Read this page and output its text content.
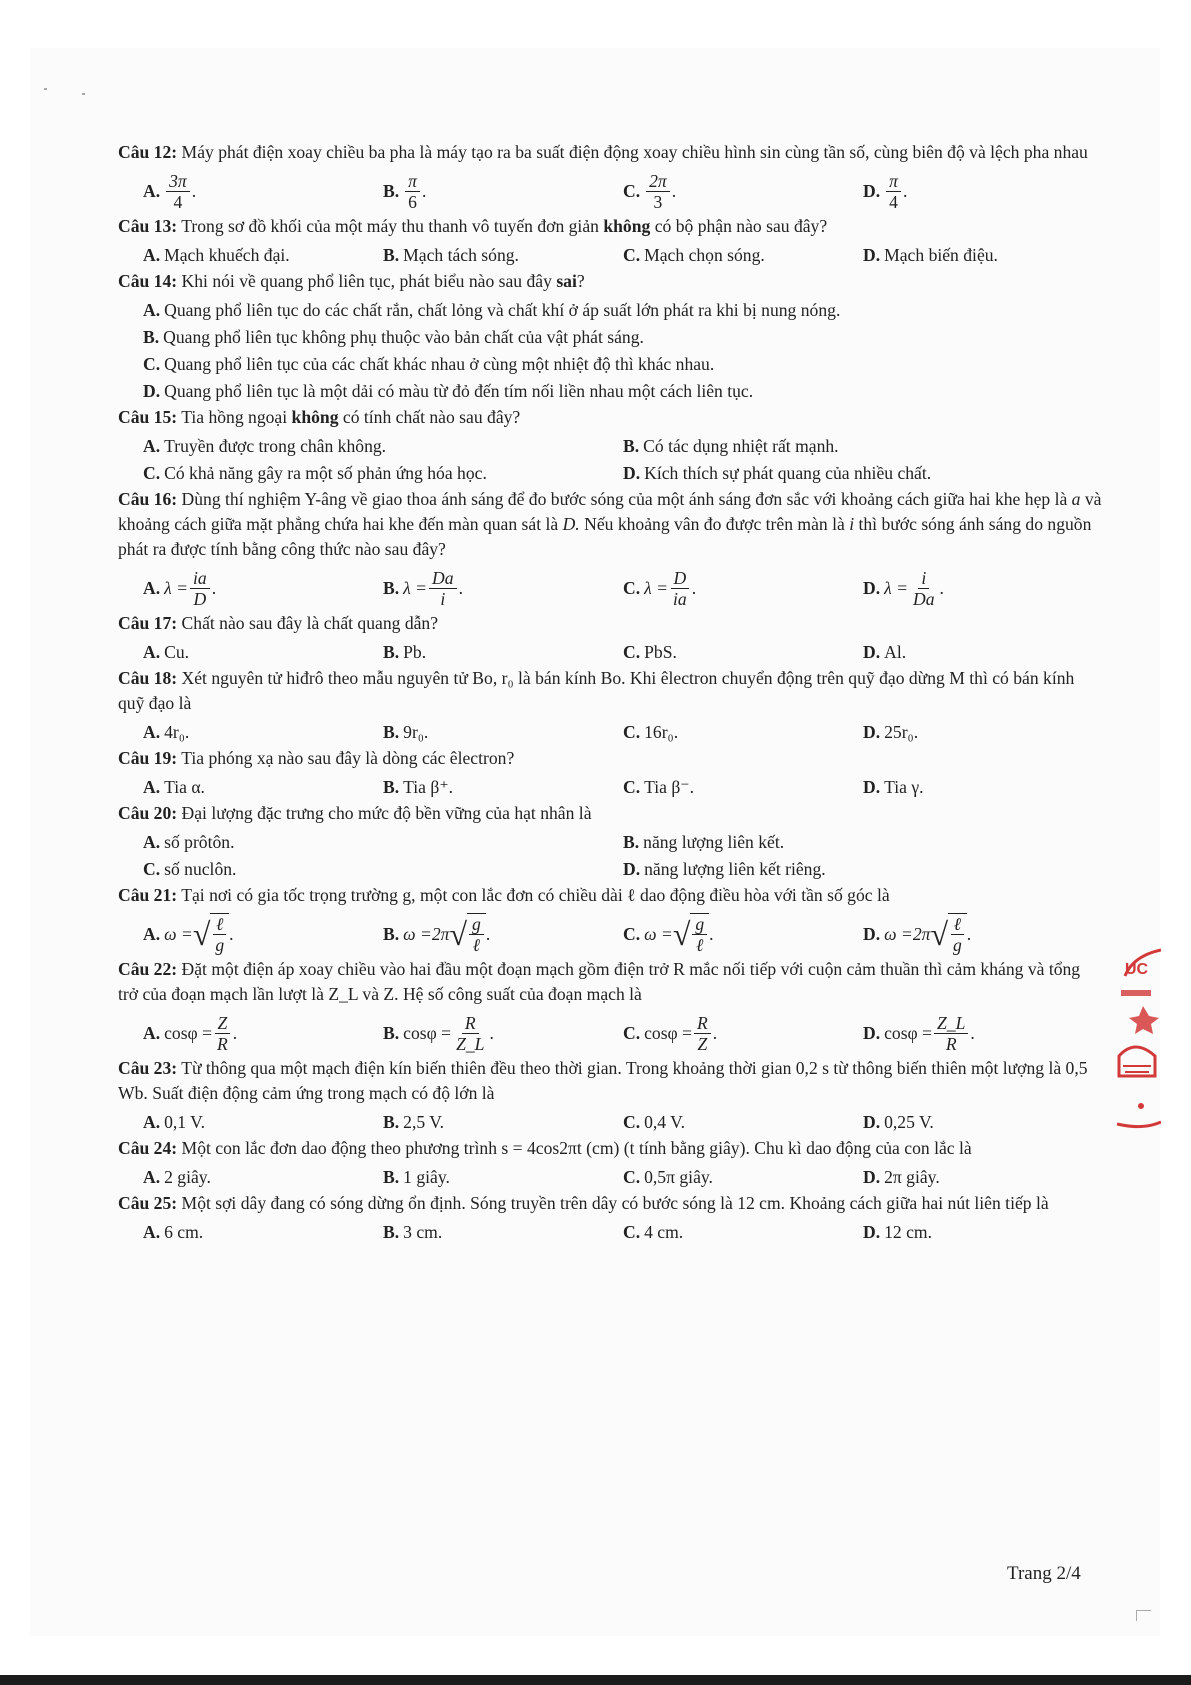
Câu 12: Máy phát điện xoay chiều ba pha là máy tạo ra ba suất điện động xoay chiều hình sin cùng tần số, cùng biên độ và lệch pha nhau

A. $\frac{3\pi}{4}$ .	B. $\frac{\pi}{6}$ .	C. $\frac{2\pi}{3}$ .	D. $\frac{\pi}{4}$ .

Câu 13: Trong sơ đồ khối của một máy thu thanh vô tuyến đơn giản không có bộ phận nào sau đây?

A. Mạch khuếch đại.	B. Mạch tách sóng.	C. Mạch chọn sóng.	D. Mạch biến điệu.

Câu 14: Khi nói về quang phổ liên tục, phát biểu nào sau đây sai?

A. Quang phổ liên tục do các chất rắn, chất lỏng và chất khí ở áp suất lớn phát ra khi bị nung nóng.
B. Quang phổ liên tục không phụ thuộc vào bản chất của vật phát sáng.
C. Quang phổ liên tục của các chất khác nhau ở cùng một nhiệt độ thì khác nhau.
D. Quang phổ liên tục là một dải có màu từ đỏ đến tím nối liền nhau một cách liên tục.

Câu 15: Tia hồng ngoại không có tính chất nào sau đây?

A. Truyền được trong chân không.	B. Có tác dụng nhiệt rất mạnh.
C. Có khả năng gây ra một số phản ứng hóa học.	D. Kích thích sự phát quang của nhiều chất.

Câu 16: Dùng thí nghiệm Y-âng về giao thoa ánh sáng để đo bước sóng của một ánh sáng đơn sắc với khoảng cách giữa hai khe hẹp là a và khoảng cách giữa mặt phẳng chứa hai khe đến màn quan sát là D. Nếu khoảng vân đo được trên màn là i thì bước sóng ánh sáng do nguồn phát ra được tính bằng công thức nào sau đây?

A. $\lambda = \frac{ia}{D}$ .	B. $\lambda = \frac{Da}{i}$ .	C. $\lambda = \frac{D}{ia}$ .	D. $\lambda = \frac{i}{Da}$ .

Câu 17: Chất nào sau đây là chất quang dẫn?

A. Cu.	B. Pb.	C. PbS.	D. Al.

Câu 18: Xét nguyên tử hiđrô theo mẫu nguyên tử Bo, r₀ là bán kính Bo. Khi êlectron chuyển động trên quỹ đạo dừng M thì có bán kính quỹ đạo là

A. 4r₀.	B. 9r₀.	C. 16r₀.	D. 25r₀.

Câu 19: Tia phóng xạ nào sau đây là dòng các êlectron?

A. Tia α.	B. Tia β⁺.	C. Tia β⁻.	D. Tia γ.

Câu 20: Đại lượng đặc trưng cho mức độ bền vững của hạt nhân là

A. số prôtôn.	B. năng lượng liên kết.
C. số nuclôn.	D. năng lượng liên kết riêng.

Câu 21: Tại nơi có gia tốc trọng trường g, một con lắc đơn có chiều dài ℓ dao động điều hòa với tần số góc là

A. ω = √ $\frac{\text{ℓ}}{g}$ .	B. ω = 2π √ $\frac{g}{\text{ℓ}}$ .	C. ω = √ $\frac{g}{\text{ℓ}}$ .	D. ω = 2π √ $\frac{\text{ℓ}}{g}$ .

Câu 22: Đặt một điện áp xoay chiều vào hai đầu một đoạn mạch gồm điện trở R mắc nối tiếp với cuộn cảm thuần thì cảm kháng và tổng trở của đoạn mạch lần lượt là Z_L và Z. Hệ số công suất của đoạn mạch là

A. $\cos\varphi = \frac{Z}{R}$ .	B. $\cos\varphi = \frac{R}{Z\_L}$ .	C. $\cos\varphi = \frac{R}{Z}$ .	D. $\cos\varphi = \frac{Z\_L}{R}$ .

Câu 23: Từ thông qua một mạch điện kín biến thiên đều theo thời gian. Trong khoảng thời gian 0,2 s từ thông biến thiên một lượng là 0,5 Wb. Suất điện động cảm ứng trong mạch có độ lớn là

A. 0,1 V.	B. 2,5 V.	C. 0,4 V.	D. 0,25 V.

Câu 24: Một con lắc đơn dao động theo phương trình s = 4cos2πt (cm) (t tính bằng giây). Chu kì dao động của con lắc là

A. 2 giây.	B. 1 giây.	C. 0,5π giây.	D. 2π giây.

Câu 25: Một sợi dây đang có sóng dừng ổn định. Sóng truyền trên dây có bước sóng là 12 cm. Khoảng cách giữa hai nút liên tiếp là

A. 6 cm.	B. 3 cm.	C. 4 cm.	D. 12 cm.
Trang 2/4
UC
